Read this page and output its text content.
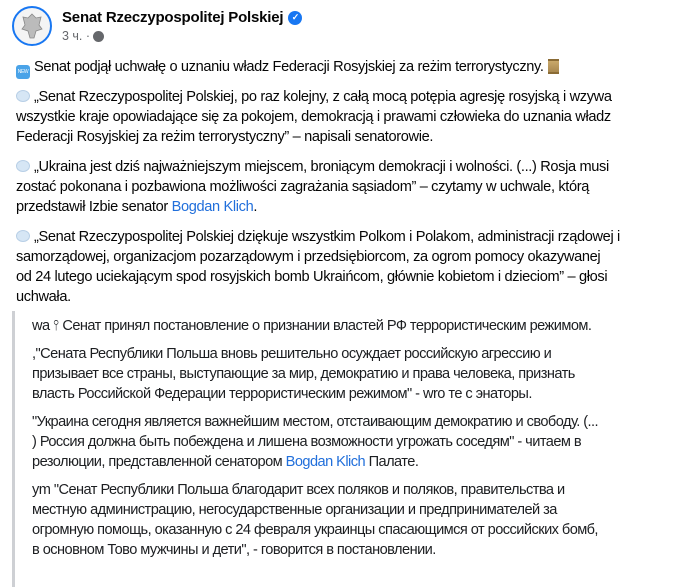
Senat Rzeczypospolitej Polskiej ✓
3 ч. ·
NEW Senat podjął uchwałę o uznaniu władz Federacji Rosyjskiej za reżim terrorystyczny.
„Senat Rzeczypospolitej Polskiej, po raz kolejny, z całą mocą potępia agresję rosyjską i wzywa
wszystkie kraje opowiadające się za pokojem, demokracją i prawami człowieka do uznania władz
Federacji Rosyjskiej za reżim terrorystyczny” – napisali senatorowie.
„Ukraina jest dziś najważniejszym miejscem, broniącym demokracji i wolności. (...) Rosja musi
zostać pokonana i pozbawiona możliwości zagrażania sąsiadom” – czytamy w uchwale, którą
przedstawił Izbie senator Bogdan Klich.
„Senat Rzeczypospolitej Polskiej dziękuje wszystkim Polkom i Polakom, administracji rządowej i
samorządowej, organizacjom pozarządowym i przedsiębiorcom, za ogrom pomocy okazywanej
od 24 lutego uciekającym spod rosyjskich bomb Ukraińcom, głównie kobietom i dzieciom” – głosi
uchwała.
wa ⫯ Сенат принял постановление о признании властей РФ террористическим режимом.
,"Сената Республики Польша вновь решительно осуждает российскую агрессию и
призывает все страны, выступающие за мир, демократию и права человека, признать
власть Российской Федерации террористическим режимом" - wro те с энаторы.
"Украина сегодня является важнейшим местом, отстаивающим демократию и свободу. (...
) Россия должна быть побеждена и лишена возможности угрожать соседям" - читаем в
резолюции, представленной сенатором Bogdan Klich Палате.
ym "Сенат Республики Польша благодарит всех поляков и поляков, правительства и
местную администрацию, негосударственные организации и предпринимателей за
огромную помощь, оказанную с 24 февраля украинцы спасающимся от российских бомб,
в основном Тово мужчины и дети", - говорится в постановлении.
